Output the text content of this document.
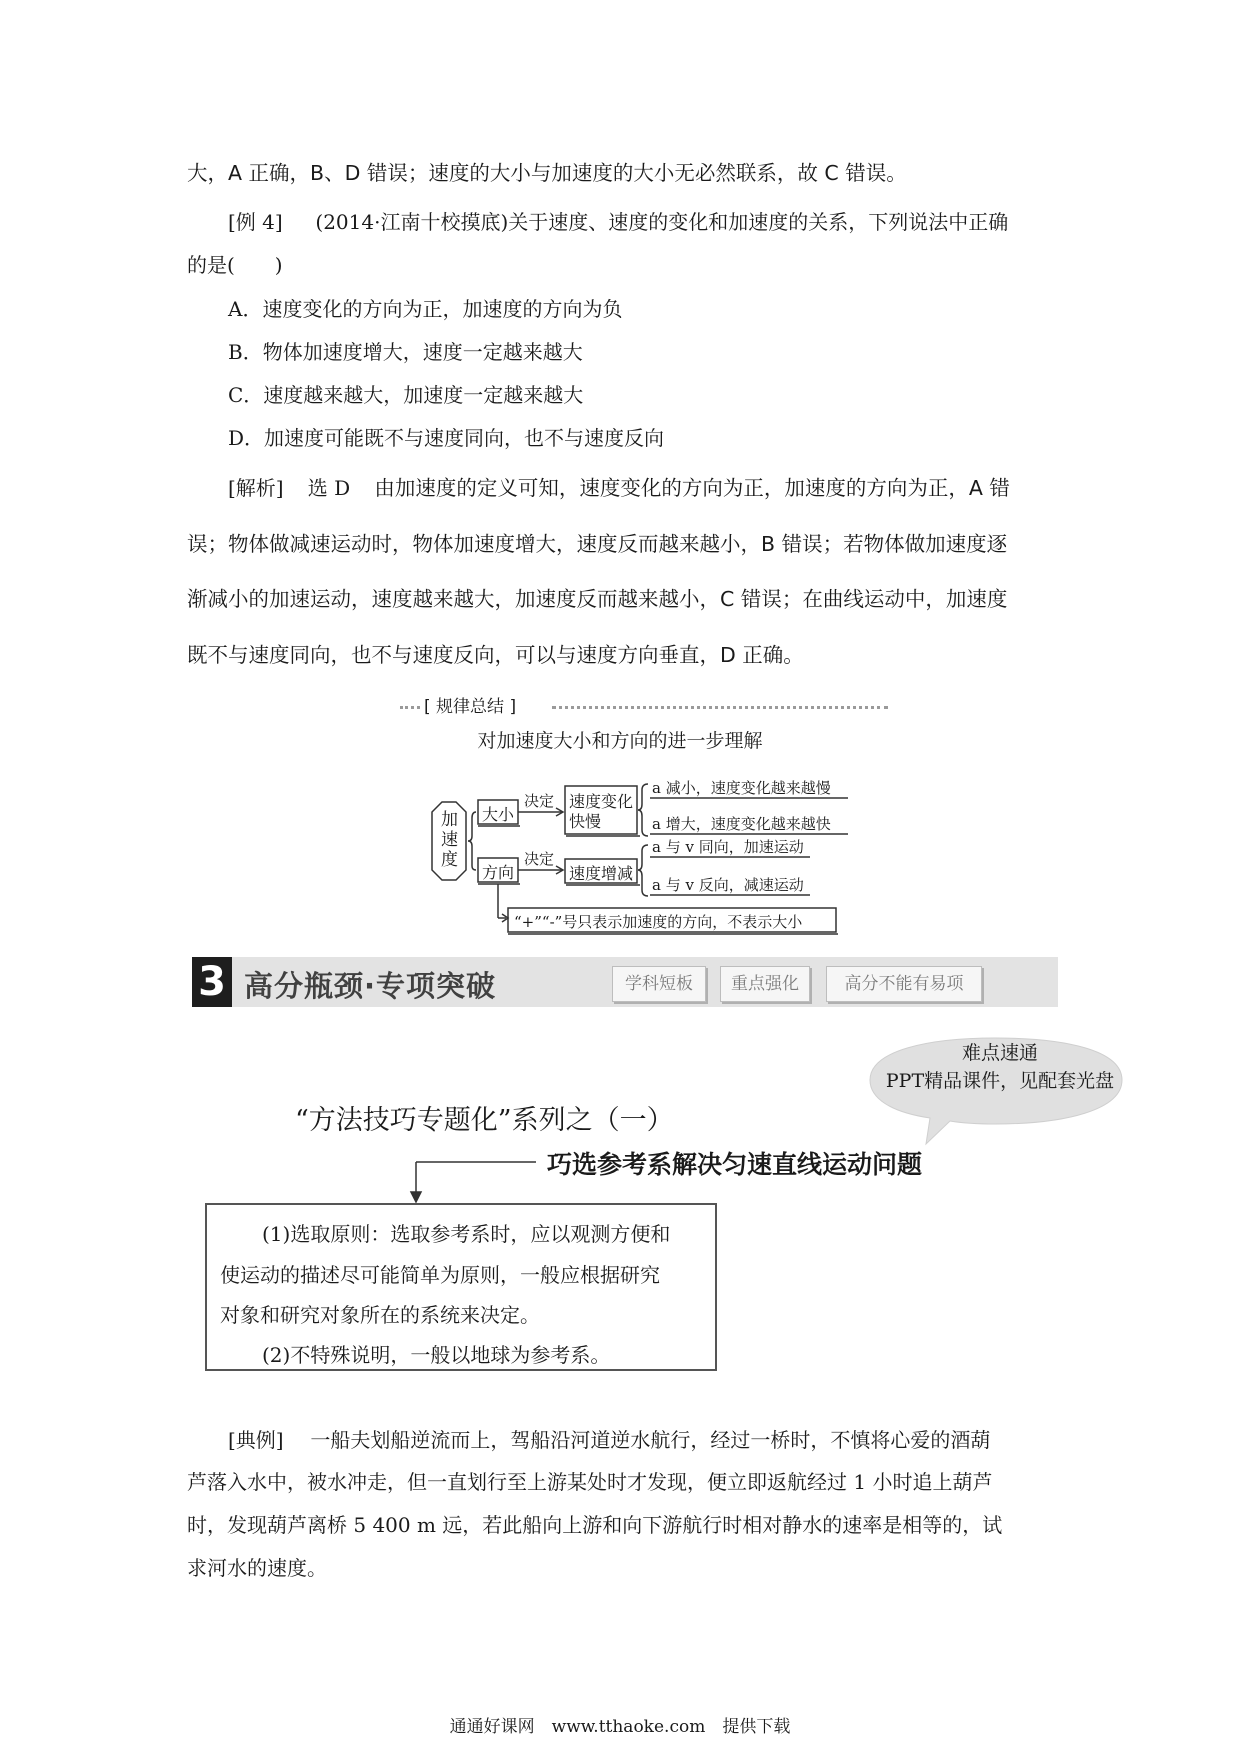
大，A 正确，B、D 错误；速度的大小与加速度的大小无必然联系，故 C 错误。
[例 4] (2014·江南十校摸底)关于速度、速度的变化和加速度的关系，下列说法中正确
的是(　　)
A．速度变化的方向为正，加速度的方向为负
B．物体加速度增大，速度一定越来越大
C．速度越来越大，加速度一定越来越大
D．加速度可能既不与速度同向，也不与速度反向
[解析] 选 D 由加速度的定义可知，速度变化的方向为正，加速度的方向为正，A 错
误；物体做减速运动时，物体加速度增大，速度反而越来越小，B 错误；若物体做加速度逐
渐减小的加速运动，速度越来越大，加速度反而越来越小，C 错误；在曲线运动中，加速度
既不与速度同向，也不与速度反向，可以与速度方向垂直，D 正确。
[ 规律总结 ]
对加速度大小和方向的进一步理解
加
速
度
大小
决定 速度变化
快慢
a 减小，速度变化越来越慢
a 增大，速度变化越来越快
方向
决定
速度增减
a 与 v 同向，加速运动
a 与 v 反向，减速运动
“+”“-”号只表示加速度的方向，不表示大小
3 高分瓶颈·专项突破	学科短板	重点强化	高分不能有易项
难点速通
PPT精品课件，见配套光盘
“方法技巧专题化”系列之（一）
巧选参考系解决匀速直线运动问题
(1)选取原则：选取参考系时，应以观测方便和
使运动的描述尽可能简单为原则，一般应根据研究
对象和研究对象所在的系统来决定。
(2)不特殊说明，一般以地球为参考系。
[典例] 一船夫划船逆流而上，驾船沿河道逆水航行，经过一桥时，不慎将心爱的酒葫
芦落入水中，被水冲走，但一直划行至上游某处时才发现，便立即返航经过 1 小时追上葫芦
时，发现葫芦离桥 5 400 m 远，若此船向上游和向下游航行时相对静水的速率是相等的，试
求河水的速度。
通通好课网　www.tthaoke.com　提供下载
